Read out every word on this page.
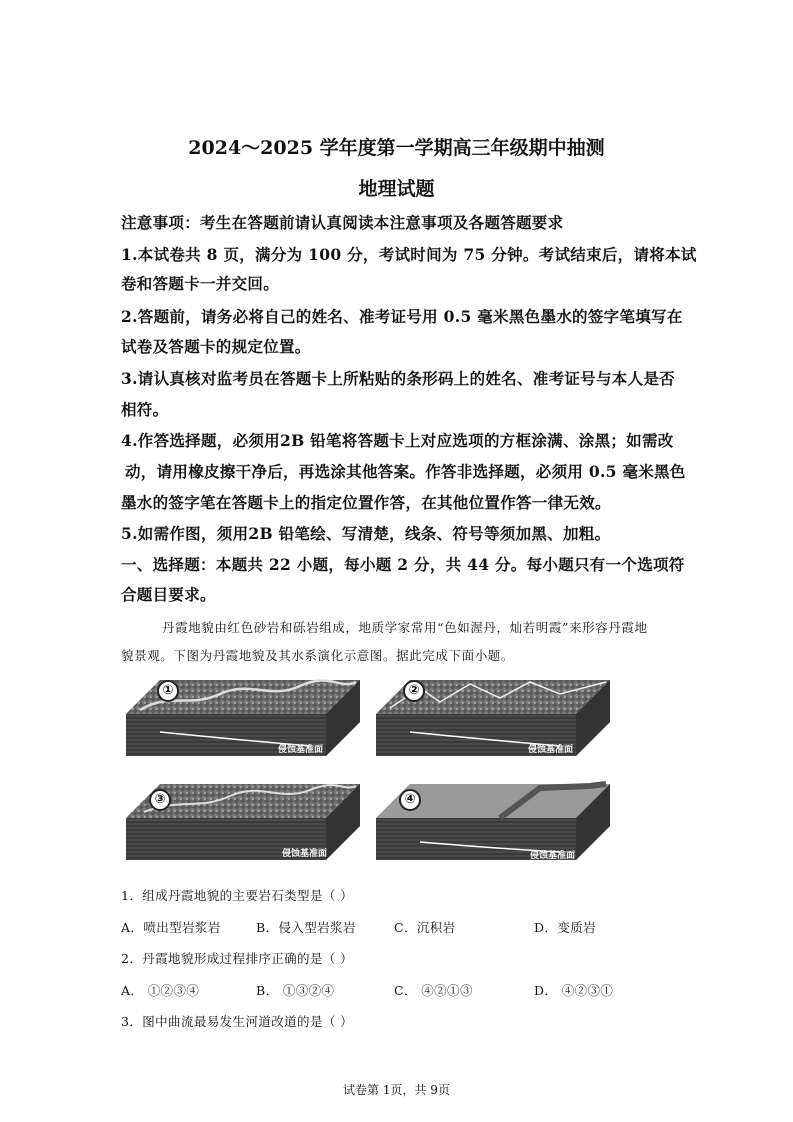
2024～2025 学年度第一学期高三年级期中抽测
地理试题
注意事项：考生在答题前请认真阅读本注意事项及各题答题要求
1.本试卷共 8 页，满分为 100 分，考试时间为 75 分钟。考试结束后，请将本试
卷和答题卡一并交回。
2.答题前，请务必将自己的姓名、准考证号用 0.5 毫米黑色墨水的签字笔填写在
试卷及答题卡的规定位置。
3.请认真核对监考员在答题卡上所粘贴的条形码上的姓名、准考证号与本人是否
相符。
4.作答选择题，必须用2B 铅笔将答题卡上对应选项的方框涂满、涂黑；如需改
动，请用橡皮擦干净后，再选涂其他答案。作答非选择题，必须用 0.5 毫米黑色
墨水的签字笔在答题卡上的指定位置作答，在其他位置作答一律无效。
5.如需作图，须用2B 铅笔绘、写清楚，线条、符号等须加黑、加粗。
一、选择题：本题共 22 小题，每小题 2 分，共 44 分。每小题只有一个选项符
合题目要求。
丹霞地貌由红色砂岩和砾岩组成，地质学家常用“色如渥丹，灿若明霞”来形容丹霞地
貌景观。下图为丹霞地貌及其水系演化示意图。据此完成下面小题。
①	②
③	④
侵蚀基准面	侵蚀基准面
侵蚀基准面	侵蚀基准面
1．组成丹霞地貌的主要岩石类型是（ ）
A．喷出型岩浆岩	B．侵入型岩浆岩	C．沉积岩	D．变质岩
2．丹霞地貌形成过程排序正确的是（ ）
A． ①②③④	B． ①③②④	C． ④②①③	D． ④②③①
3．图中曲流最易发生河道改道的是（ ）
试卷第 1页，共 9页
